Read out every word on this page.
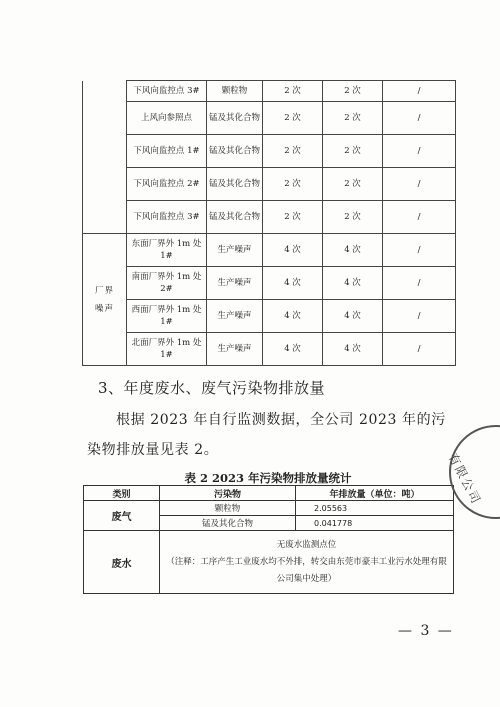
	下风向监控点 3#	颗粒物	2 次	2 次	/
	上风向参照点	锰及其化合物	2 次	2 次	/
	下风向监控点 1#	锰及其化合物	2 次	2 次	/
	下风向监控点 2#	锰及其化合物	2 次	2 次	/
	下风向监控点 3#	锰及其化合物	2 次	2 次	/
厂界噪声	东面厂界外 1m 处 1#	生产噪声	4 次	4 次	/
	南面厂界外 1m 处 2#	生产噪声	4 次	4 次	/
	西面厂界外 1m 处 1#	生产噪声	4 次	4 次	/
	北面厂界外 1m 处 1#	生产噪声	4 次	4 次	/
3、年度废水、废气污染物排放量

根据 2023 年自行监测数据，全公司 2023 年的污染物排放量见表 2。

表 2 2023 年污染物排放量统计
类别	污染物	年排放量（单位：吨）
废气	颗粒物	2.05563
	锰及其化合物	0.041778
废水	无废水监测点位
（注释：工序产生工业废水均不外排，转交由东莞市豪丰工业污水处理有限公司集中处理）	
— 3 —
有限公司
